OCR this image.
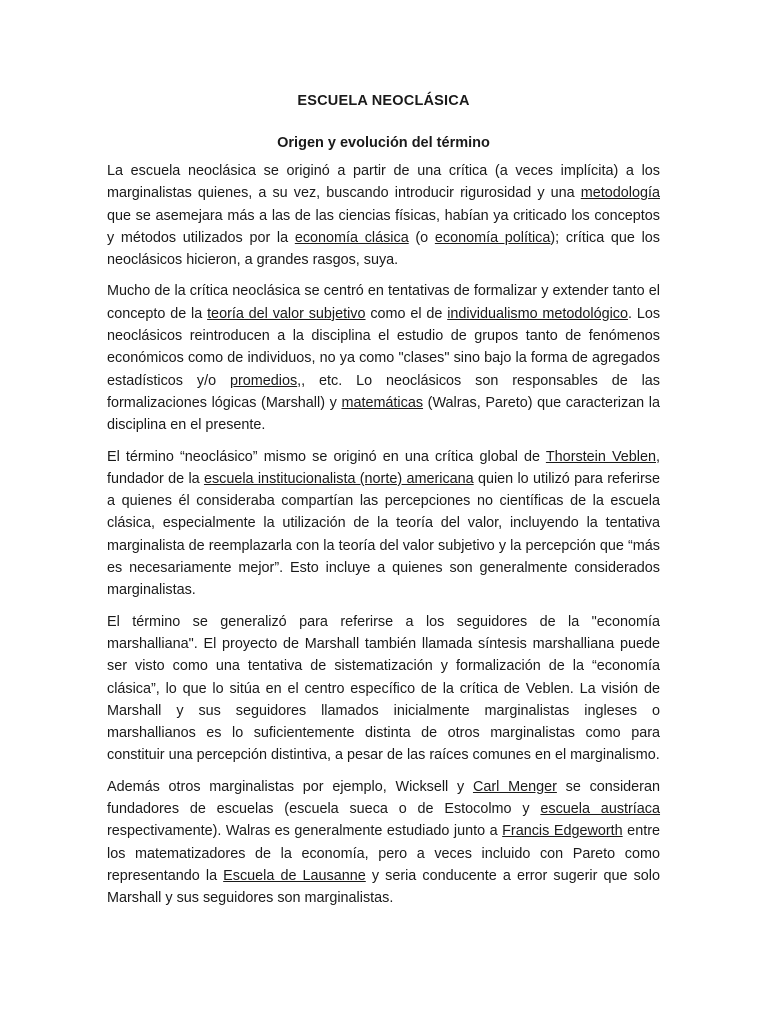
ESCUELA NEOCLÁSICA
Origen y evolución del término

La escuela neoclásica se originó a partir de una crítica (a veces implícita) a los marginalistas quienes, a su vez, buscando introducir rigurosidad y una metodología que se asemejara más a las de las ciencias físicas, habían ya criticado los conceptos y métodos utilizados por la economía clásica (o economía política); crítica que los neoclásicos hicieron, a grandes rasgos, suya.

Mucho de la crítica neoclásica se centró en tentativas de formalizar y extender tanto el concepto de la teoría del valor subjetivo como el de individualismo metodológico. Los neoclásicos reintroducen a la disciplina el estudio de grupos tanto de fenómenos económicos como de individuos, no ya como "clases" sino bajo la forma de agregados estadísticos y/o promedios,, etc. Lo neoclásicos son responsables de las formalizaciones lógicas (Marshall) y matemáticas (Walras, Pareto) que caracterizan la disciplina en el presente.

El término “neoclásico” mismo se originó en una crítica global de Thorstein Veblen, fundador de la escuela institucionalista (norte) americana quien lo utilizó para referirse a quienes él consideraba compartían las percepciones no científicas de la escuela clásica, especialmente la utilización de la teoría del valor, incluyendo la tentativa marginalista de reemplazarla con la teoría del valor subjetivo y la percepción que “más es necesariamente mejor”. Esto incluye a quienes son generalmente considerados marginalistas.

El término se generalizó para referirse a los seguidores de la "economía marshalliana". El proyecto de Marshall también llamada síntesis marshalliana puede ser visto como una tentativa de sistematización y formalización de la “economía clásica”, lo que lo sitúa en el centro específico de la crítica de Veblen. La visión de Marshall y sus seguidores llamados inicialmente marginalistas ingleses o marshallianos es lo suficientemente distinta de otros marginalistas como para constituir una percepción distintiva, a pesar de las raíces comunes en el marginalismo.

Además otros marginalistas por ejemplo, Wicksell y Carl Menger se consideran fundadores de escuelas (escuela sueca o de Estocolmo y escuela austríaca respectivamente). Walras es generalmente estudiado junto a Francis Edgeworth entre los matematizadores de la economía, pero a veces incluido con Pareto como representando la Escuela de Lausanne y seria conducente a error sugerir que solo Marshall y sus seguidores son marginalistas.
